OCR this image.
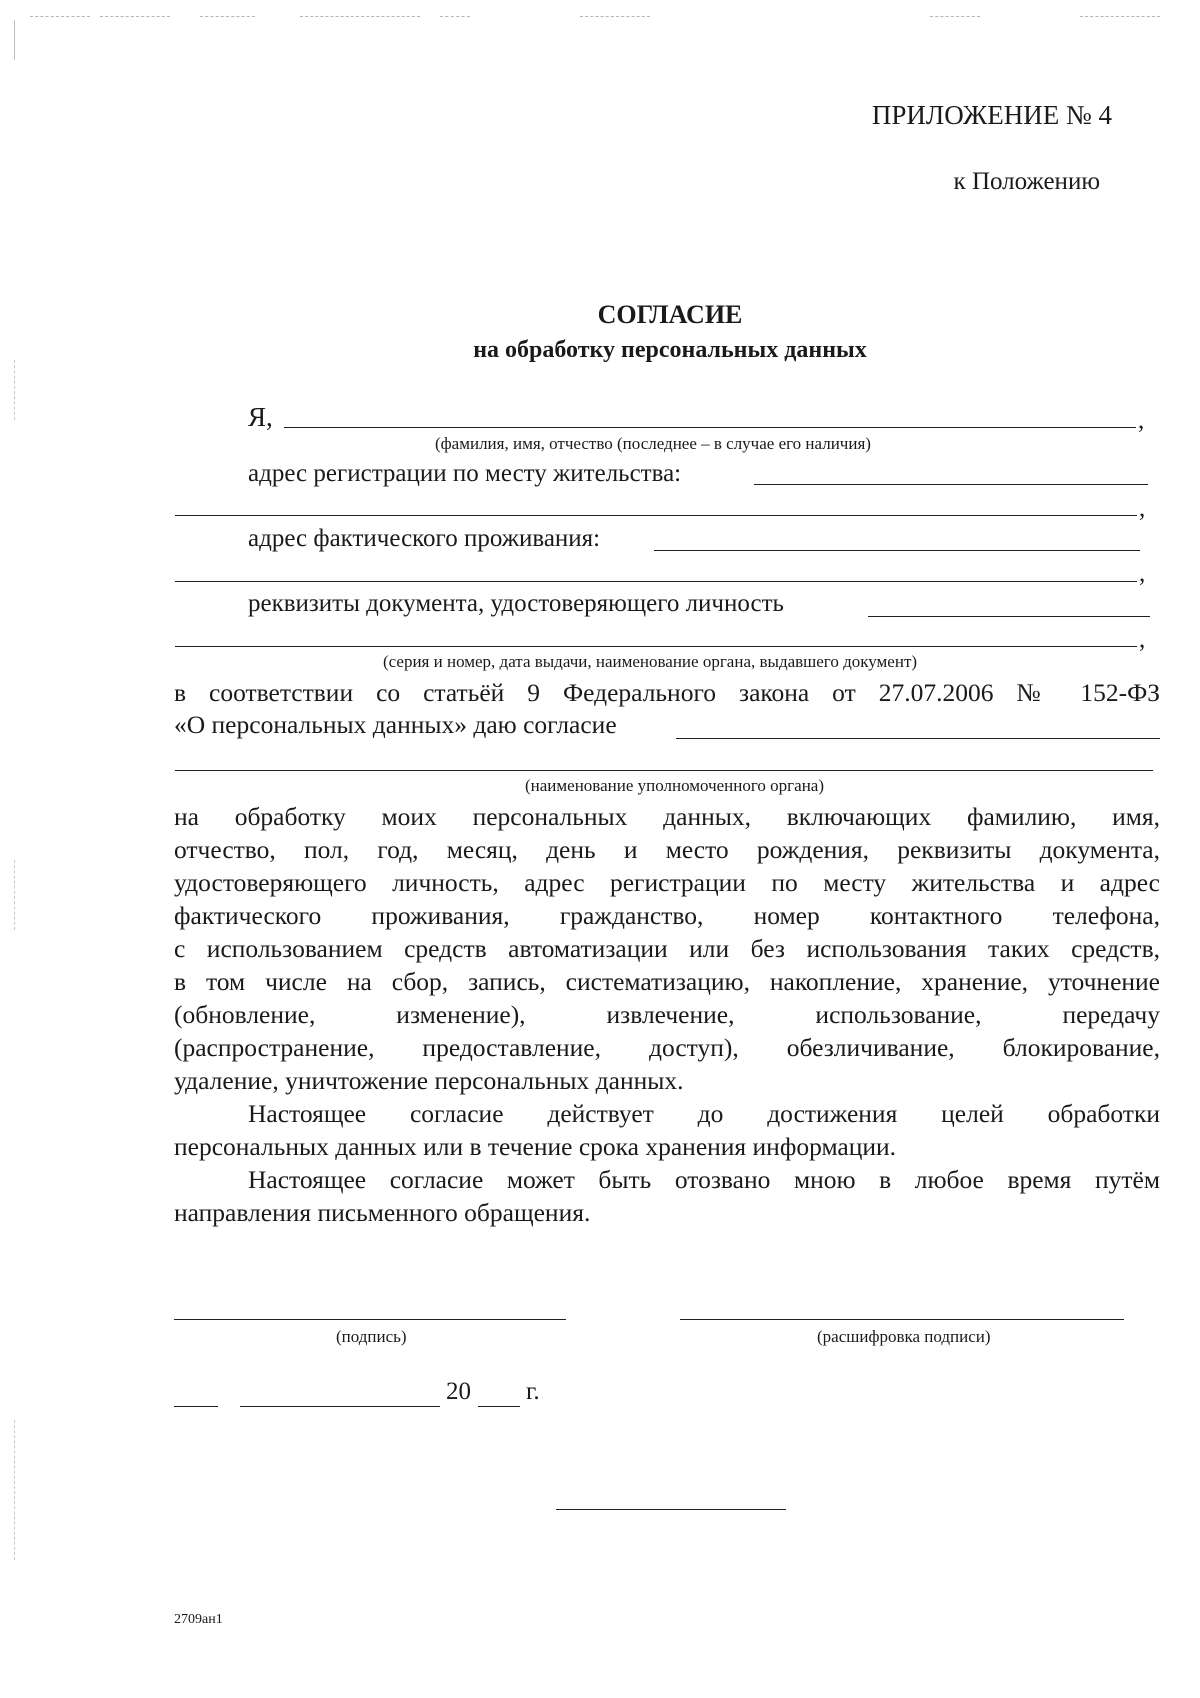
ПРИЛОЖЕНИЕ № 4
к Положению
СОГЛАСИЕ
на обработку персональных данных
Я,	,
(фамилия, имя, отчество (последнее – в случае его наличия)
адрес регистрации по месту жительства:
,
адрес фактического проживания:
,
реквизиты документа, удостоверяющего личность
,
(серия и номер, дата выдачи, наименование органа, выдавшего документ)
в соответствии со статьёй 9 Федерального закона от 27.07.2006 № 152-ФЗ
«О персональных данных» даю согласие
(наименование уполномоченного органа)
на обработку моих персональных данных, включающих фамилию, имя,
отчество, пол, год, месяц, день и место рождения, реквизиты документа,
удостоверяющего личность, адрес регистрации по месту жительства и адрес
фактического проживания, гражданство, номер контактного телефона,
с использованием средств автоматизации или без использования таких средств,
в том числе на сбор, запись, систематизацию, накопление, хранение, уточнение
(обновление, изменение), извлечение, использование, передачу
(распространение, предоставление, доступ), обезличивание, блокирование,
удаление, уничтожение персональных данных.
Настоящее согласие действует до достижения целей обработки
персональных данных или в течение срока хранения информации.
Настоящее согласие может быть отозвано мною в любое время путём
направления письменного обращения.
(подпись)	(расшифровка подписи)
20 г.
2709ан1
